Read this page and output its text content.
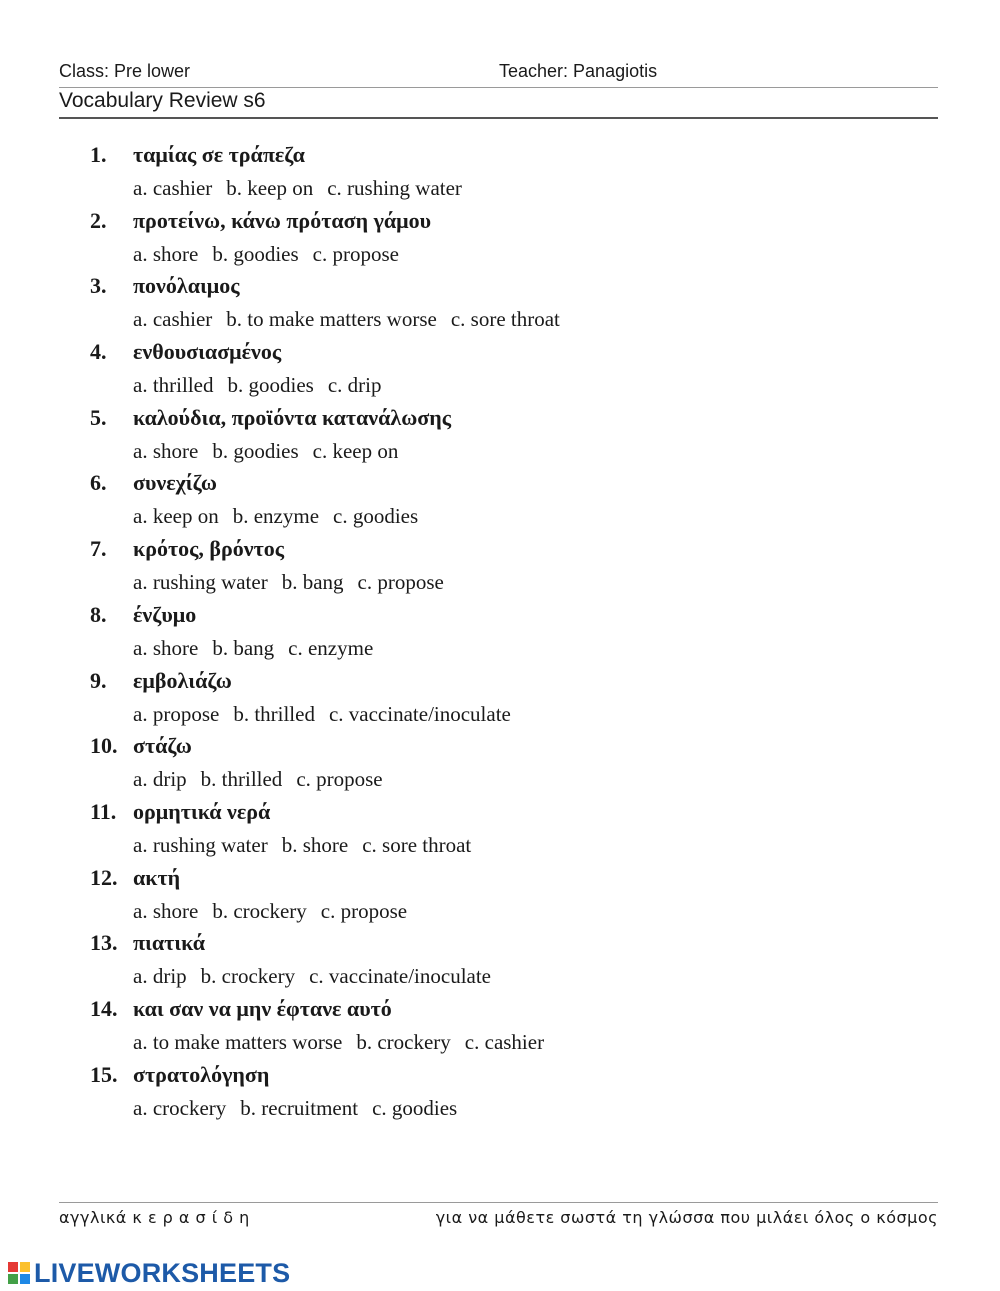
Class: Pre lower	Teacher: Panagiotis
Vocabulary Review s6
1. ταμίας σε τράπεζα
a. cashier b. keep on c. rushing water
2. προτείνω, κάνω πρόταση γάμου
a. shore b. goodies c. propose
3. πονόλαιμος
a. cashier b. to make matters worse c. sore throat
4. ενθουσιασμένος
a. thrilled b. goodies c. drip
5. καλούδια, προϊόντα κατανάλωσης
a. shore b. goodies c. keep on
6. συνεχίζω
a. keep on b. enzyme c. goodies
7. κρότος, βρόντος
a. rushing water b. bang c. propose
8. ένζυμο
a. shore b. bang c. enzyme
9. εμβολιάζω
a. propose b. thrilled c. vaccinate/inoculate
10. στάζω
a. drip b. thrilled c. propose
11. ορμητικά νερά
a. rushing water b. shore c. sore throat
12. ακτή
a. shore b. crockery c. propose
13. πιατικά
a. drip b. crockery c. vaccinate/inoculate
14. και σαν να μην έφτανε αυτό
a. to make matters worse b. crockery c. cashier
15. στρατολόγηση
a. crockery b. recruitment c. goodies
αγγλικά κ ε ρ α σ ί δ η	για να μάθετε σωστά τη γλώσσα που μιλάει όλος ο κόσμος
LIVEWORKSHEETS
